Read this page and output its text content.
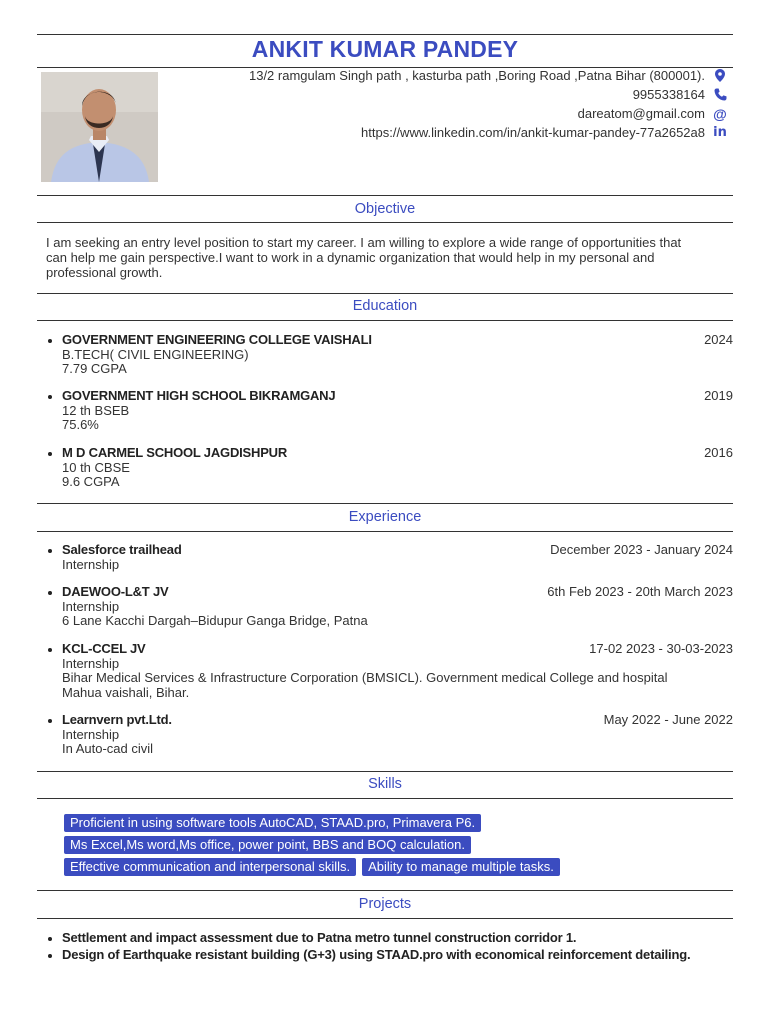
ANKIT KUMAR PANDEY
13/2 ramgulam Singh path , kasturba path ,Boring Road ,Patna Bihar (800001).
9955338164
dareatom@gmail.com @
https://www.linkedin.com/in/ankit-kumar-pandey-77a2652a8 in
Objective
I am seeking an entry level position to start my career. I am willing to explore a wide range of opportunities that
can help me gain perspective.I want to work in a dynamic organization that would help in my personal and
professional growth.
Education
GOVERNMENT ENGINEERING COLLEGE VAISHALI	2024
B.TECH( CIVIL ENGINEERING)
7.79 CGPA
GOVERNMENT HIGH SCHOOL BIKRAMGANJ	2019
12 th BSEB
75.6%
M D CARMEL SCHOOL JAGDISHPUR	2016
10 th CBSE
9.6 CGPA
Experience
Salesforce trailhead	December 2023 - January 2024
Internship
DAEWOO-L&T JV	6th Feb 2023 - 20th March 2023
Internship
6 Lane Kacchi Dargah–Bidupur Ganga Bridge, Patna
KCL-CCEL JV	17-02 2023 - 30-03-2023
Internship
Bihar Medical Services & Infrastructure Corporation (BMSICL). Government medical College and hospital
Mahua vaishali, Bihar.
Learnvern pvt.Ltd.	May 2022 - June 2022
Internship
In Auto-cad civil
Skills
Proficient in using software tools AutoCAD, STAAD.pro, Primavera P6.
Ms Excel,Ms word,Ms office, power point, BBS and BOQ calculation.
Effective communication and interpersonal skills.	Ability to manage multiple tasks.
Projects
Settlement and impact assessment due to Patna metro tunnel construction corridor 1.
Design of Earthquake resistant building (G+3) using STAAD.pro with economical reinforcement detailing.
